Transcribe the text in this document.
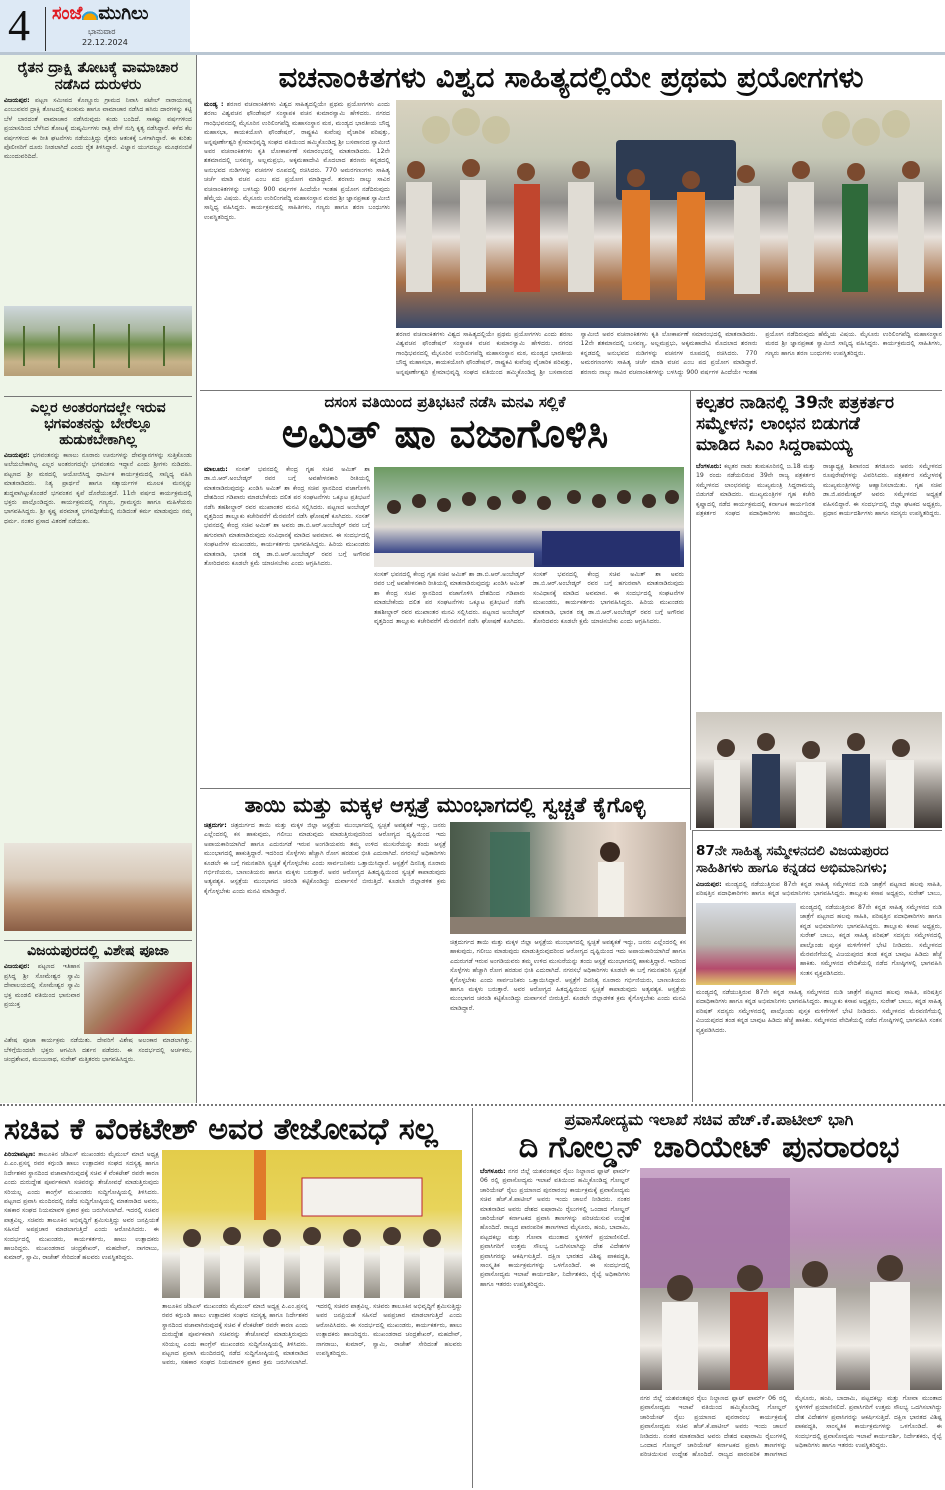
4 ಸಂಜೆ ಮುಗಿಲು
ಭಾನುವಾರ
22.12.2024
ರೈತನ ದ್ರಾಕ್ಷಿ ತೋಟಕ್ಕೆ ವಾಮಾಚಾರ ನಡೆಸಿದ ದುರುಳರು
ವಿಜಯಪುರ: ಪಟ್ಟಣ ಸಮೀಪದ ಕೊಣ್ಣೂರು ಗ್ರಾಮದ ನಿವಾಸಿ ಪಟೇಲ್ ನಾರಾಯಣಪ್ಪ ಎಂಬುವವರ ದ್ರಾಕ್ಷಿ ತೋಟದಲ್ಲಿ ಕುಂಕುಮ ಹಾಗೂ ವಾಮಾಚಾರ ನಡೆಸಿದ ಹಸಿರು ದಾರಗಳನ್ನು ಕಟ್ಟಿ ಬೆಳೆ ಬಾರದಂತೆ ವಾಮಾಚಾರ ನಡೆಸಿರುವುದು ಕಂಡು ಬಂದಿದೆ. ಸಾಕಷ್ಟು ವರ್ಷಗಳಿಂದ ಪ್ರಯಾಸದಿಂದ ಬೆಳೆಸಿದ ತೋಟಕ್ಕೆ ದುಷ್ಕರ್ಮಿಗಳು ರಾತ್ರಿ ವೇಳೆ ನುಗ್ಗಿ ಕೃತ್ಯ ನಡೆಸಿದ್ದಾರೆ. ಕಳೆದ ಕೆಲ ವರ್ಷಗಳಿಂದ ಈ ರೀತಿ ಘಟನೆಗಳು ನಡೆಯುತ್ತಿದ್ದು ರೈತರು ಆತಂಕಕ್ಕೆ ಒಳಗಾಗಿದ್ದಾರೆ. ಈ ಕುರಿತು ಪೊಲೀಸರಿಗೆ ದೂರು ನೀಡಲಾಗಿದೆ ಎಂದು ರೈತ ತಿಳಿಸಿದ್ದಾರೆ. ವಿಜ್ಞಾನ ಯುಗದಲ್ಲೂ ಮೂಢನಂಬಿಕೆ ಮುಂದುವರಿದಿದೆ.
ಎಲ್ಲರ ಅಂತರಂಗದಲ್ಲೇ ಇರುವ
ಭಗವಂತನನ್ನು ಬೇರೆಲ್ಲೂ
ಹುಡುಕಬೇಕಾಗಿಲ್ಲ
ವಿಜಯಪುರ: ಭಗವಂತನನ್ನು ಕಾಣಲು ನೂರಾರು ಊರುಗಳನ್ನು ದೇವಸ್ಥಾನಗಳನ್ನು ಸುತ್ತಿಕೊಂಡು ಅಲೆಯಬೇಕಾಗಿಲ್ಲ ಎಲ್ಲರ ಅಂತರಂಗದಲ್ಲೇ ಭಗವಂತನು ಇದ್ದಾನೆ ಎಂದು ಶ್ರೀಗಳು ನುಡಿದರು. ಪಟ್ಟಣದ ಶ್ರೀ ಮಠದಲ್ಲಿ ಆಯೋಜಿಸಿದ್ದ ಧಾರ್ಮಿಕ ಕಾರ್ಯಕ್ರಮದಲ್ಲಿ ಸಾನ್ನಿಧ್ಯ ವಹಿಸಿ ಮಾತನಾಡಿದರು. ನಿತ್ಯ ಪ್ರಾರ್ಥನೆ ಹಾಗೂ ಸತ್ಕಾರ್ಯಗಳ ಮೂಲಕ ಮನಸ್ಸನ್ನು ಶುದ್ಧವಾಗಿಟ್ಟುಕೊಂಡರೆ ಭಗವಂತನ ಕೃಪೆ ದೊರೆಯುತ್ತದೆ. 11ನೇ ವರ್ಷದ ಕಾರ್ಯಕ್ರಮದಲ್ಲಿ ಭಕ್ತರು ಪಾಲ್ಗೊಂಡಿದ್ದರು. ಕಾರ್ಯಕ್ರಮದಲ್ಲಿ ಗಣ್ಯರು, ಗ್ರಾಮಸ್ಥರು ಹಾಗೂ ಮಹಿಳೆಯರು ಭಾಗವಹಿಸಿದ್ದರು. ಶ್ರೀ ಕೃಷ್ಣ ಪರಮಾತ್ಮ ಭಗವದ್ಗೀತೆಯಲ್ಲಿ ನುಡಿದಂತೆ ಕರ್ಮ ಮಾಡುವುದು ನಮ್ಮ ಧರ್ಮ. ನಂತರ ಪ್ರಸಾದ ವಿತರಣೆ ನಡೆಯಿತು.
ವಿಜಯಪುರದಲ್ಲಿ ವಿಶೇಷ ಪೂಜಾ
ವಿಜಯಪುರ: ಪಟ್ಟಣದ ಇತಿಹಾಸ ಪ್ರಸಿದ್ಧ ಶ್ರೀ ಸೋಮೇಶ್ವರ ಸ್ವಾಮಿ ದೇವಾಲಯದಲ್ಲಿ ಸೋಮೇಶ್ವರ ಸ್ವಾಮಿ ಭಕ್ತ ಮಂಡಲಿ ವತಿಯಿಂದ ಭಾನುವಾರ ಪ್ರಯುಕ್ತ
ವಿಶೇಷ ಪೂಜಾ ಕಾರ್ಯಕ್ರಮ ನಡೆಯಿತು. ದೇವರಿಗೆ ವಿಶೇಷ ಅಲಂಕಾರ ಮಾಡಲಾಗಿತ್ತು. ಬೆಳಿಗ್ಗೆಯಿಂದಲೇ ಭಕ್ತರು ಆಗಮಿಸಿ ದರ್ಶನ ಪಡೆದರು. ಈ ಸಂದರ್ಭದಲ್ಲಿ ಅರ್ಚಕರು, ಚಂದ್ರಶೇಖರ, ಮಂಜುನಾಥ, ಸುರೇಶ್ ಮತ್ತಿತರರು ಭಾಗವಹಿಸಿದ್ದರು.
ವಚನಾಂಕಿತಗಳು ವಿಶ್ವದ ಸಾಹಿತ್ಯದಲ್ಲಿಯೇ ಪ್ರಥಮ ಪ್ರಯೋಗಗಳು
ಮಂಡ್ಯ : ಶರಣರ ವಚನಾಂಕಿತಗಳು ವಿಶ್ವದ ಸಾಹಿತ್ಯದಲ್ಲಿಯೇ ಪ್ರಥಮ ಪ್ರಯೋಗಗಳು ಎಂದು ಶರಣು ವಿಶ್ವವಚನ ಫೌಂಡೇಷನ್ ಸಂಸ್ಥಾಪಕ ವಚನ ಕುಮಾರಸ್ವಾಮಿ ಹೇಳಿದರು. ನಗರದ ಗಾಂಧಿಭವನದಲ್ಲಿ ಮೈಸೂರಿನ ಉರಿಲಿಂಗಪೆದ್ದಿ ಮಹಾಸಂಸ್ಥಾನ ಮಠ, ಮಂಡ್ಯದ ಭಾರತೀಯ ಬೌದ್ಧ ಮಹಾಸಭಾ, ಕಾಯಕಯೋಗಿ ಫೌಂಡೇಷನ್, ರಾಷ್ಟ್ರಕವಿ ಕುವೆಂಪು ವೈಚಾರಿಕ ಪರಿಷತ್ತು, ಅನ್ನಪೂರ್ಣೇಶ್ವರಿ ಕ್ಷೇಮಾಭಿವೃದ್ಧಿ ಸಂಘದ ವತಿಯಿಂದ ಹಮ್ಮಿಕೊಂಡಿದ್ದ ಶ್ರೀ ಬಸವಾನಂದ ಸ್ವಾಮೀಜಿ ಅವರ ವಚನಾಂಕಿತಗಳು ಕೃತಿ ಲೋಕಾರ್ಪಣೆ ಸಮಾರಂಭದಲ್ಲಿ ಮಾತನಾಡಿದರು. 12ನೇ ಶತಮಾನದಲ್ಲಿ ಬಸವಣ್ಣ, ಅಲ್ಲಮಪ್ರಭು, ಅಕ್ಕಮಹಾದೇವಿ ಮೊದಲಾದ ಶರಣರು ಕನ್ನಡದಲ್ಲಿ ಅನುಭವದ ನುಡಿಗಳನ್ನು ವಚನಗಳ ರೂಪದಲ್ಲಿ ರಚಿಸಿದರು. 770 ಅಮರಗಣಂಗಳು ಸಾಹಿತ್ಯ ಚರ್ಚೆ ಮಾಡಿ ವಚನ ಎಂಬ ಪದ ಪ್ರಯೋಗ ಮಾಡಿದ್ದಾರೆ. ಶರಣರು ನಾಲ್ಕು ಸಾವಿರ ವಚನಾಂಕಿತಗಳನ್ನು ಬಳಸಿದ್ದು 900 ವರ್ಷಗಳ ಹಿಂದೆಯೇ ಇಂತಹ ಪ್ರಯೋಗ ನಡೆದಿರುವುದು ಹೆಮ್ಮೆಯ ವಿಷಯ. ಮೈಸೂರು ಉರಿಲಿಂಗಪೆದ್ದಿ ಮಹಾಸಂಸ್ಥಾನ ಮಠದ ಶ್ರೀ ಜ್ಞಾನಪ್ರಕಾಶ ಸ್ವಾಮೀಜಿ ಸಾನ್ನಿಧ್ಯ ವಹಿಸಿದ್ದರು. ಕಾರ್ಯಕ್ರಮದಲ್ಲಿ ಸಾಹಿತಿಗಳು, ಗಣ್ಯರು ಹಾಗೂ ಶರಣ ಬಂಧುಗಳು ಉಪಸ್ಥಿತರಿದ್ದರು.
ಶರಣರ ವಚನಾಂಕಿತಗಳು ವಿಶ್ವದ ಸಾಹಿತ್ಯದಲ್ಲಿಯೇ ಪ್ರಥಮ ಪ್ರಯೋಗಗಳು ಎಂದು ಶರಣು ವಿಶ್ವವಚನ ಫೌಂಡೇಷನ್ ಸಂಸ್ಥಾಪಕ ವಚನ ಕುಮಾರಸ್ವಾಮಿ ಹೇಳಿದರು. ನಗರದ ಗಾಂಧಿಭವನದಲ್ಲಿ ಮೈಸೂರಿನ ಉರಿಲಿಂಗಪೆದ್ದಿ ಮಹಾಸಂಸ್ಥಾನ ಮಠ, ಮಂಡ್ಯದ ಭಾರತೀಯ ಬೌದ್ಧ ಮಹಾಸಭಾ, ಕಾಯಕಯೋಗಿ ಫೌಂಡೇಷನ್, ರಾಷ್ಟ್ರಕವಿ ಕುವೆಂಪು ವೈಚಾರಿಕ ಪರಿಷತ್ತು, ಅನ್ನಪೂರ್ಣೇಶ್ವರಿ ಕ್ಷೇಮಾಭಿವೃದ್ಧಿ ಸಂಘದ ವತಿಯಿಂದ ಹಮ್ಮಿಕೊಂಡಿದ್ದ ಶ್ರೀ ಬಸವಾನಂದ ಸ್ವಾಮೀಜಿ ಅವರ ವಚನಾಂಕಿತಗಳು ಕೃತಿ ಲೋಕಾರ್ಪಣೆ ಸಮಾರಂಭದಲ್ಲಿ ಮಾತನಾಡಿದರು. 12ನೇ ಶತಮಾನದಲ್ಲಿ ಬಸವಣ್ಣ, ಅಲ್ಲಮಪ್ರಭು, ಅಕ್ಕಮಹಾದೇವಿ ಮೊದಲಾದ ಶರಣರು ಕನ್ನಡದಲ್ಲಿ ಅನುಭವದ ನುಡಿಗಳನ್ನು ವಚನಗಳ ರೂಪದಲ್ಲಿ ರಚಿಸಿದರು. 770 ಅಮರಗಣಂಗಳು ಸಾಹಿತ್ಯ ಚರ್ಚೆ ಮಾಡಿ ವಚನ ಎಂಬ ಪದ ಪ್ರಯೋಗ ಮಾಡಿದ್ದಾರೆ. ಶರಣರು ನಾಲ್ಕು ಸಾವಿರ ವಚನಾಂಕಿತಗಳನ್ನು ಬಳಸಿದ್ದು 900 ವರ್ಷಗಳ ಹಿಂದೆಯೇ ಇಂತಹ ಪ್ರಯೋಗ ನಡೆದಿರುವುದು ಹೆಮ್ಮೆಯ ವಿಷಯ. ಮೈಸೂರು ಉರಿಲಿಂಗಪೆದ್ದಿ ಮಹಾಸಂಸ್ಥಾನ ಮಠದ ಶ್ರೀ ಜ್ಞಾನಪ್ರಕಾಶ ಸ್ವಾಮೀಜಿ ಸಾನ್ನಿಧ್ಯ ವಹಿಸಿದ್ದರು. ಕಾರ್ಯಕ್ರಮದಲ್ಲಿ ಸಾಹಿತಿಗಳು, ಗಣ್ಯರು ಹಾಗೂ ಶರಣ ಬಂಧುಗಳು ಉಪಸ್ಥಿತರಿದ್ದರು.
ದಸಂಸ ವತಿಯಿಂದ ಪ್ರತಿಭಟನೆ ನಡೆಸಿ ಮನವಿ ಸಲ್ಲಿಕೆ
ಅಮಿತ್ ಷಾ ವಜಾಗೊಳಿಸಿ
ಮಾಲೂರು: ಸಂಸತ್ ಭವನದಲ್ಲಿ ಕೇಂದ್ರ ಗೃಹ ಸಚಿವ ಅಮಿತ್ ಶಾ ಡಾ.ಬಿ.ಆರ್.ಅಂಬೇಡ್ಕರ್ ರವರ ಬಗ್ಗೆ ಅವಹೇಳನಕಾರಿ ರೀತಿಯಲ್ಲಿ ಮಾತನಾಡಿರುವುದನ್ನು ಖಂಡಿಸಿ ಅಮಿತ್ ಶಾ ಕೇಂದ್ರ ಸಚಿವ ಸ್ಥಾನದಿಂದ ವಜಾಗೊಳಿಸಿ ದೇಶದಿಂದ ಗಡಿಪಾರು ಮಾಡಬೇಕೆಂದು ದಲಿತ ಪರ ಸಂಘಟನೆಗಳು ಒಕ್ಕೂಟ ಪ್ರತಿಭಟನೆ ನಡೆಸಿ ತಹಶೀಲ್ದಾರ್ ರವರ ಮುಖಾಂತರ ಮನವಿ ಸಲ್ಲಿಸಿದರು. ಪಟ್ಟಣದ ಅಂಬೇಡ್ಕರ್ ವೃತ್ತದಿಂದ ತಾಲ್ಲೂಕು ಕಚೇರಿವರೆಗೆ ಮೆರವಣಿಗೆ ನಡೆಸಿ ಘೋಷಣೆ ಕೂಗಿದರು. ಸಂಸತ್ ಭವನದಲ್ಲಿ ಕೇಂದ್ರ ಸಚಿವ ಅಮಿತ್ ಶಾ ಅವರು ಡಾ.ಬಿ.ಆರ್.ಅಂಬೇಡ್ಕರ್ ರವರ ಬಗ್ಗೆ ಹಗುರವಾಗಿ ಮಾತನಾಡಿರುವುದು ಸಂವಿಧಾನಕ್ಕೆ ಮಾಡಿದ ಅವಮಾನ. ಈ ಸಂದರ್ಭದಲ್ಲಿ ಸಂಘಟನೆಗಳ ಮುಖಂಡರು, ಕಾರ್ಯಕರ್ತರು ಭಾಗವಹಿಸಿದ್ದರು. ಹಿರಿಯ ಮುಖಂಡರು ಮಾತನಾಡಿ, ಭಾರತ ರತ್ನ ಡಾ.ಬಿ.ಆರ್.ಅಂಬೇಡ್ಕರ್ ರವರ ಬಗ್ಗೆ ಅಗೌರವ ತೋರಿದವರು ಕೂಡಲೇ ಕ್ಷಮೆ ಯಾಚಿಸಬೇಕು ಎಂದು ಆಗ್ರಹಿಸಿದರು.
ಸಂಸತ್ ಭವನದಲ್ಲಿ ಕೇಂದ್ರ ಗೃಹ ಸಚಿವ ಅಮಿತ್ ಶಾ ಡಾ.ಬಿ.ಆರ್.ಅಂಬೇಡ್ಕರ್ ರವರ ಬಗ್ಗೆ ಅವಹೇಳನಕಾರಿ ರೀತಿಯಲ್ಲಿ ಮಾತನಾಡಿರುವುದನ್ನು ಖಂಡಿಸಿ ಅಮಿತ್ ಶಾ ಕೇಂದ್ರ ಸಚಿವ ಸ್ಥಾನದಿಂದ ವಜಾಗೊಳಿಸಿ ದೇಶದಿಂದ ಗಡಿಪಾರು ಮಾಡಬೇಕೆಂದು ದಲಿತ ಪರ ಸಂಘಟನೆಗಳು ಒಕ್ಕೂಟ ಪ್ರತಿಭಟನೆ ನಡೆಸಿ ತಹಶೀಲ್ದಾರ್ ರವರ ಮುಖಾಂತರ ಮನವಿ ಸಲ್ಲಿಸಿದರು. ಪಟ್ಟಣದ ಅಂಬೇಡ್ಕರ್ ವೃತ್ತದಿಂದ ತಾಲ್ಲೂಕು ಕಚೇರಿವರೆಗೆ ಮೆರವಣಿಗೆ ನಡೆಸಿ ಘೋಷಣೆ ಕೂಗಿದರು. ಸಂಸತ್ ಭವನದಲ್ಲಿ ಕೇಂದ್ರ ಸಚಿವ ಅಮಿತ್ ಶಾ ಅವರು ಡಾ.ಬಿ.ಆರ್.ಅಂಬೇಡ್ಕರ್ ರವರ ಬಗ್ಗೆ ಹಗುರವಾಗಿ ಮಾತನಾಡಿರುವುದು ಸಂವಿಧಾನಕ್ಕೆ ಮಾಡಿದ ಅವಮಾನ. ಈ ಸಂದರ್ಭದಲ್ಲಿ ಸಂಘಟನೆಗಳ ಮುಖಂಡರು, ಕಾರ್ಯಕರ್ತರು ಭಾಗವಹಿಸಿದ್ದರು. ಹಿರಿಯ ಮುಖಂಡರು ಮಾತನಾಡಿ, ಭಾರತ ರತ್ನ ಡಾ.ಬಿ.ಆರ್.ಅಂಬೇಡ್ಕರ್ ರವರ ಬಗ್ಗೆ ಅಗೌರವ ತೋರಿದವರು ಕೂಡಲೇ ಕ್ಷಮೆ ಯಾಚಿಸಬೇಕು ಎಂದು ಆಗ್ರಹಿಸಿದರು.
ಕಲ್ಪತರ ನಾಡಿನಲ್ಲಿ 39ನೇ ಪತ್ರಕರ್ತರ
ಸಮ್ಮೇಳನ; ಲಾಂಛನ ಬಿಡುಗಡೆ
ಮಾಡಿದ ಸಿಎಂ ಸಿದ್ದರಾಮಯ್ಯ
ಬೆಂಗಳೂರು: ಕಲ್ಪತರ ನಾಡು ತುಮಕೂರಿನಲ್ಲಿ ಜ.18 ಮತ್ತು 19 ರಂದು ನಡೆಯಲಿರುವ 39ನೇ ರಾಜ್ಯ ಪತ್ರಕರ್ತರ ಸಮ್ಮೇಳನದ ಲಾಂಛನವನ್ನು ಮುಖ್ಯಮಂತ್ರಿ ಸಿದ್ದರಾಮಯ್ಯ ಬಿಡುಗಡೆ ಮಾಡಿದರು. ಮುಖ್ಯಮಂತ್ರಿಗಳ ಗೃಹ ಕಚೇರಿ ಕೃಷ್ಣಾದಲ್ಲಿ ನಡೆದ ಕಾರ್ಯಕ್ರಮದಲ್ಲಿ ಕರ್ನಾಟಕ ಕಾರ್ಯನಿರತ ಪತ್ರಕರ್ತರ ಸಂಘದ ಪದಾಧಿಕಾರಿಗಳು ಹಾಜರಿದ್ದರು. ರಾಜ್ಯಾಧ್ಯಕ್ಷ ಶಿವಾನಂದ ತಗಡೂರು ಅವರು ಸಮ್ಮೇಳನದ ರೂಪುರೇಷೆಗಳನ್ನು ವಿವರಿಸಿದರು. ಪತ್ರಕರ್ತರ ಸಮ್ಮೇಳನಕ್ಕೆ ಮುಖ್ಯಮಂತ್ರಿಗಳನ್ನು ಆಹ್ವಾನಿಸಲಾಯಿತು. ಗೃಹ ಸಚಿವ ಡಾ.ಜಿ.ಪರಮೇಶ್ವರ್ ಅವರು ಸಮ್ಮೇಳನದ ಅಧ್ಯಕ್ಷತೆ ವಹಿಸಲಿದ್ದಾರೆ. ಈ ಸಂದರ್ಭದಲ್ಲಿ ಜಿಲ್ಲಾ ಘಟಕದ ಅಧ್ಯಕ್ಷರು, ಪ್ರಧಾನ ಕಾರ್ಯದರ್ಶಿಗಳು ಹಾಗೂ ಸದಸ್ಯರು ಉಪಸ್ಥಿತರಿದ್ದರು.
ತಾಯಿ ಮತ್ತು ಮಕ್ಕಳ ಆಸ್ಪತ್ರೆ ಮುಂಭಾಗದಲ್ಲಿ ಸ್ವಚ್ಚತೆ ಕೈಗೊಳ್ಳಿ
ಚಿತ್ರದುರ್ಗ: ಚಿತ್ರದುರ್ಗದ ತಾಯಿ ಮತ್ತು ಮಕ್ಕಳ ಜಿಲ್ಲಾ ಆಸ್ಪತ್ರೆಯ ಮುಂಭಾಗದಲ್ಲಿ ಸ್ವಚ್ಛತೆ ಅವಶ್ಯಕತೆ ಇದ್ದು, ಜನರು ಎಲ್ಲೆಂದರಲ್ಲಿ ಕಸ ಹಾಕುವುದು, ಗಲೀಜು ಮಾಡುವುದು ಮಾಡುತ್ತಿರುವುದರಿಂದ ಆರೋಗ್ಯದ ದೃಷ್ಟಿಯಿಂದ ಇದು ಅಪಾಯಕಾರಿಯಾಗಿದೆ ಹಾಗೂ ಎದುರುಗಡೆ ಇರುವ ಅಂಗಡಿಯವರು ತಮ್ಮ ಉಳಿದ ಮುಸುರೆಯನ್ನು ತಂದು ಆಸ್ಪತ್ರೆ ಮುಂಭಾಗದಲ್ಲಿ ಹಾಕುತ್ತಿದ್ದಾರೆ. ಇದರಿಂದ ಸೊಳ್ಳೆಗಳು ಹೆಚ್ಚಾಗಿ ರೋಗ ಹರಡುವ ಭೀತಿ ಎದುರಾಗಿದೆ. ನಗರಸಭೆ ಅಧಿಕಾರಿಗಳು ಕೂಡಲೇ ಈ ಬಗ್ಗೆ ಗಮನಹರಿಸಿ ಸ್ವಚ್ಛತೆ ಕೈಗೊಳ್ಳಬೇಕು ಎಂದು ಸಾರ್ವಜನಿಕರು ಒತ್ತಾಯಿಸಿದ್ದಾರೆ. ಆಸ್ಪತ್ರೆಗೆ ದಿನನಿತ್ಯ ನೂರಾರು ಗರ್ಭಿಣಿಯರು, ಬಾಣಂತಿಯರು ಹಾಗೂ ಮಕ್ಕಳು ಬರುತ್ತಾರೆ. ಅವರ ಆರೋಗ್ಯದ ಹಿತದೃಷ್ಟಿಯಿಂದ ಸ್ವಚ್ಛತೆ ಕಾಪಾಡುವುದು ಅತ್ಯವಶ್ಯಕ. ಆಸ್ಪತ್ರೆಯ ಮುಂಭಾಗದ ಚರಂಡಿ ಕಟ್ಟಿಕೊಂಡಿದ್ದು ದುರ್ವಾಸನೆ ಬೀರುತ್ತಿದೆ. ಕೂಡಲೇ ಜಿಲ್ಲಾಡಳಿತ ಕ್ರಮ ಕೈಗೊಳ್ಳಬೇಕು ಎಂದು ಮನವಿ ಮಾಡಿದ್ದಾರೆ.
ಚಿತ್ರದುರ್ಗದ ತಾಯಿ ಮತ್ತು ಮಕ್ಕಳ ಜಿಲ್ಲಾ ಆಸ್ಪತ್ರೆಯ ಮುಂಭಾಗದಲ್ಲಿ ಸ್ವಚ್ಛತೆ ಅವಶ್ಯಕತೆ ಇದ್ದು, ಜನರು ಎಲ್ಲೆಂದರಲ್ಲಿ ಕಸ ಹಾಕುವುದು, ಗಲೀಜು ಮಾಡುವುದು ಮಾಡುತ್ತಿರುವುದರಿಂದ ಆರೋಗ್ಯದ ದೃಷ್ಟಿಯಿಂದ ಇದು ಅಪಾಯಕಾರಿಯಾಗಿದೆ ಹಾಗೂ ಎದುರುಗಡೆ ಇರುವ ಅಂಗಡಿಯವರು ತಮ್ಮ ಉಳಿದ ಮುಸುರೆಯನ್ನು ತಂದು ಆಸ್ಪತ್ರೆ ಮುಂಭಾಗದಲ್ಲಿ ಹಾಕುತ್ತಿದ್ದಾರೆ. ಇದರಿಂದ ಸೊಳ್ಳೆಗಳು ಹೆಚ್ಚಾಗಿ ರೋಗ ಹರಡುವ ಭೀತಿ ಎದುರಾಗಿದೆ. ನಗರಸಭೆ ಅಧಿಕಾರಿಗಳು ಕೂಡಲೇ ಈ ಬಗ್ಗೆ ಗಮನಹರಿಸಿ ಸ್ವಚ್ಛತೆ ಕೈಗೊಳ್ಳಬೇಕು ಎಂದು ಸಾರ್ವಜನಿಕರು ಒತ್ತಾಯಿಸಿದ್ದಾರೆ. ಆಸ್ಪತ್ರೆಗೆ ದಿನನಿತ್ಯ ನೂರಾರು ಗರ್ಭಿಣಿಯರು, ಬಾಣಂತಿಯರು ಹಾಗೂ ಮಕ್ಕಳು ಬರುತ್ತಾರೆ. ಅವರ ಆರೋಗ್ಯದ ಹಿತದೃಷ್ಟಿಯಿಂದ ಸ್ವಚ್ಛತೆ ಕಾಪಾಡುವುದು ಅತ್ಯವಶ್ಯಕ. ಆಸ್ಪತ್ರೆಯ ಮುಂಭಾಗದ ಚರಂಡಿ ಕಟ್ಟಿಕೊಂಡಿದ್ದು ದುರ್ವಾಸನೆ ಬೀರುತ್ತಿದೆ. ಕೂಡಲೇ ಜಿಲ್ಲಾಡಳಿತ ಕ್ರಮ ಕೈಗೊಳ್ಳಬೇಕು ಎಂದು ಮನವಿ ಮಾಡಿದ್ದಾರೆ.
87ನೇ ಸಾಹಿತ್ಯ ಸಮ್ಮೇಳನದಲಿ ವಿಜಯಪುರದ
ಸಾಹಿತಿಗಳು ಹಾಗೂ ಕನ್ನಡದ ಅಭಿಮಾನಿಗಳು;
ವಿಜಯಪುರ: ಮಂಡ್ಯದಲ್ಲಿ ನಡೆಯುತ್ತಿರುವ 87ನೇ ಕನ್ನಡ ಸಾಹಿತ್ಯ ಸಮ್ಮೇಳನದ ನುಡಿ ಜಾತ್ರೆಗೆ ಪಟ್ಟಣದ ಹಲವು ಸಾಹಿತಿ, ಪರಿಷತ್ತಿನ ಪದಾಧಿಕಾರಿಗಳು ಹಾಗೂ ಕನ್ನಡ ಅಭಿಮಾನಿಗಳು ಭಾಗವಹಿಸಿದ್ದರು. ತಾಲ್ಲೂಕು ಕಸಾಪ ಅಧ್ಯಕ್ಷರು, ಸುರೇಶ್ ಬಾಬು,
ಮಂಡ್ಯದಲ್ಲಿ ನಡೆಯುತ್ತಿರುವ 87ನೇ ಕನ್ನಡ ಸಾಹಿತ್ಯ ಸಮ್ಮೇಳನದ ನುಡಿ ಜಾತ್ರೆಗೆ ಪಟ್ಟಣದ ಹಲವು ಸಾಹಿತಿ, ಪರಿಷತ್ತಿನ ಪದಾಧಿಕಾರಿಗಳು ಹಾಗೂ ಕನ್ನಡ ಅಭಿಮಾನಿಗಳು ಭಾಗವಹಿಸಿದ್ದರು. ತಾಲ್ಲೂಕು ಕಸಾಪ ಅಧ್ಯಕ್ಷರು, ಸುರೇಶ್ ಬಾಬು, ಕನ್ನಡ ಸಾಹಿತ್ಯ ಪರಿಷತ್ ಸದಸ್ಯರು ಸಮ್ಮೇಳನದಲ್ಲಿ ಪಾಲ್ಗೊಂಡು ಪುಸ್ತಕ ಮಳಿಗೆಗಳಿಗೆ ಭೇಟಿ ನೀಡಿದರು. ಸಮ್ಮೇಳನದ ಮೆರವಣಿಗೆಯಲ್ಲಿ ವಿಜಯಪುರದ ತಂಡ ಕನ್ನಡ ಬಾವುಟ ಹಿಡಿದು ಹೆಜ್ಜೆ ಹಾಕಿತು. ಸಮ್ಮೇಳನದ ವೇದಿಕೆಯಲ್ಲಿ ನಡೆದ ಗೋಷ್ಠಿಗಳಲ್ಲಿ ಭಾಗವಹಿಸಿ ಸಂತಸ ವ್ಯಕ್ತಪಡಿಸಿದರು.
ಮಂಡ್ಯದಲ್ಲಿ ನಡೆಯುತ್ತಿರುವ 87ನೇ ಕನ್ನಡ ಸಾಹಿತ್ಯ ಸಮ್ಮೇಳನದ ನುಡಿ ಜಾತ್ರೆಗೆ ಪಟ್ಟಣದ ಹಲವು ಸಾಹಿತಿ, ಪರಿಷತ್ತಿನ ಪದಾಧಿಕಾರಿಗಳು ಹಾಗೂ ಕನ್ನಡ ಅಭಿಮಾನಿಗಳು ಭಾಗವಹಿಸಿದ್ದರು. ತಾಲ್ಲೂಕು ಕಸಾಪ ಅಧ್ಯಕ್ಷರು, ಸುರೇಶ್ ಬಾಬು, ಕನ್ನಡ ಸಾಹಿತ್ಯ ಪರಿಷತ್ ಸದಸ್ಯರು ಸಮ್ಮೇಳನದಲ್ಲಿ ಪಾಲ್ಗೊಂಡು ಪುಸ್ತಕ ಮಳಿಗೆಗಳಿಗೆ ಭೇಟಿ ನೀಡಿದರು. ಸಮ್ಮೇಳನದ ಮೆರವಣಿಗೆಯಲ್ಲಿ ವಿಜಯಪುರದ ತಂಡ ಕನ್ನಡ ಬಾವುಟ ಹಿಡಿದು ಹೆಜ್ಜೆ ಹಾಕಿತು. ಸಮ್ಮೇಳನದ ವೇದಿಕೆಯಲ್ಲಿ ನಡೆದ ಗೋಷ್ಠಿಗಳಲ್ಲಿ ಭಾಗವಹಿಸಿ ಸಂತಸ ವ್ಯಕ್ತಪಡಿಸಿದರು.
ಸಚಿವ ಕೆ ವೆಂಕಟೇಶ್ ಅವರ ತೇಜೋವಧೆ ಸಲ್ಲ
ಪಿರಿಯಾಪಟ್ಟಣ: ತಾಲೂಕಿನ ಜೆಡಿಎಸ್ ಮುಖಂಡರು ಮೈಮುಲ್ ಮಾಜಿ ಅಧ್ಯಕ್ಷ ಪಿ.ಎಂ.ಪ್ರಸನ್ನ ರವರ ಕಗ್ಗುಂಡಿ ಹಾಲು ಉತ್ಪಾದಕರ ಸಂಘದ ಸದಸ್ಯತ್ವ ಹಾಗೂ ನಿರ್ದೇಶಕರ ಸ್ಥಾನದಿಂದ ವಜಾವಾಗಿರುವುದಕ್ಕೆ ಸಚಿವ ಕೆ ವೆಂಕಟೇಶ್ ರವರೇ ಕಾರಣ ಎಂದು ದುರುದ್ದೇಶ ಪೂರ್ವಕವಾಗಿ ಸಚಿವರನ್ನು ತೇಜೋವಧೆ ಮಾಡುತ್ತಿರುವುದು ಸರಿಯಲ್ಲ ಎಂದು ಕಾಂಗ್ರೆಸ್ ಮುಖಂಡರು ಸುದ್ದಿಗೋಷ್ಠಿಯಲ್ಲಿ ತಿಳಿಸಿದರು. ಪಟ್ಟಣದ ಪ್ರವಾಸಿ ಮಂದಿರದಲ್ಲಿ ನಡೆದ ಸುದ್ದಿಗೋಷ್ಠಿಯಲ್ಲಿ ಮಾತನಾಡಿದ ಅವರು, ಸಹಕಾರ ಸಂಘದ ನಿಯಮಾವಳಿ ಪ್ರಕಾರ ಕ್ರಮ ಜರುಗಿಸಲಾಗಿದೆ. ಇದರಲ್ಲಿ ಸಚಿವರ ಪಾತ್ರವಿಲ್ಲ. ಸಚಿವರು ತಾಲೂಕಿನ ಅಭಿವೃದ್ಧಿಗೆ ಶ್ರಮಿಸುತ್ತಿದ್ದು ಅವರ ಜನಪ್ರಿಯತೆ ಸಹಿಸದೆ ಅಪಪ್ರಚಾರ ಮಾಡಲಾಗುತ್ತಿದೆ ಎಂದು ಆರೋಪಿಸಿದರು. ಈ ಸಂದರ್ಭದಲ್ಲಿ ಮುಖಂಡರು, ಕಾರ್ಯಕರ್ತರು, ಹಾಲು ಉತ್ಪಾದಕರು ಹಾಜರಿದ್ದರು. ಮುಖಂಡರಾದ ಚಂದ್ರಶೇಖರ್, ಮಹದೇವ್, ನಾಗರಾಜು, ಕುಮಾರ್, ಸ್ವಾಮಿ, ರಾಜೇಶ್ ಸೇರಿದಂತೆ ಹಲವರು ಉಪಸ್ಥಿತರಿದ್ದರು.
ತಾಲೂಕಿನ ಜೆಡಿಎಸ್ ಮುಖಂಡರು ಮೈಮುಲ್ ಮಾಜಿ ಅಧ್ಯಕ್ಷ ಪಿ.ಎಂ.ಪ್ರಸನ್ನ ರವರ ಕಗ್ಗುಂಡಿ ಹಾಲು ಉತ್ಪಾದಕರ ಸಂಘದ ಸದಸ್ಯತ್ವ ಹಾಗೂ ನಿರ್ದೇಶಕರ ಸ್ಥಾನದಿಂದ ವಜಾವಾಗಿರುವುದಕ್ಕೆ ಸಚಿವ ಕೆ ವೆಂಕಟೇಶ್ ರವರೇ ಕಾರಣ ಎಂದು ದುರುದ್ದೇಶ ಪೂರ್ವಕವಾಗಿ ಸಚಿವರನ್ನು ತೇಜೋವಧೆ ಮಾಡುತ್ತಿರುವುದು ಸರಿಯಲ್ಲ ಎಂದು ಕಾಂಗ್ರೆಸ್ ಮುಖಂಡರು ಸುದ್ದಿಗೋಷ್ಠಿಯಲ್ಲಿ ತಿಳಿಸಿದರು. ಪಟ್ಟಣದ ಪ್ರವಾಸಿ ಮಂದಿರದಲ್ಲಿ ನಡೆದ ಸುದ್ದಿಗೋಷ್ಠಿಯಲ್ಲಿ ಮಾತನಾಡಿದ ಅವರು, ಸಹಕಾರ ಸಂಘದ ನಿಯಮಾವಳಿ ಪ್ರಕಾರ ಕ್ರಮ ಜರುಗಿಸಲಾಗಿದೆ. ಇದರಲ್ಲಿ ಸಚಿವರ ಪಾತ್ರವಿಲ್ಲ. ಸಚಿವರು ತಾಲೂಕಿನ ಅಭಿವೃದ್ಧಿಗೆ ಶ್ರಮಿಸುತ್ತಿದ್ದು ಅವರ ಜನಪ್ರಿಯತೆ ಸಹಿಸದೆ ಅಪಪ್ರಚಾರ ಮಾಡಲಾಗುತ್ತಿದೆ ಎಂದು ಆರೋಪಿಸಿದರು. ಈ ಸಂದರ್ಭದಲ್ಲಿ ಮುಖಂಡರು, ಕಾರ್ಯಕರ್ತರು, ಹಾಲು ಉತ್ಪಾದಕರು ಹಾಜರಿದ್ದರು. ಮುಖಂಡರಾದ ಚಂದ್ರಶೇಖರ್, ಮಹದೇವ್, ನಾಗರಾಜು, ಕುಮಾರ್, ಸ್ವಾಮಿ, ರಾಜೇಶ್ ಸೇರಿದಂತೆ ಹಲವರು ಉಪಸ್ಥಿತರಿದ್ದರು.
ಪ್ರವಾಸೋದ್ಯಮ ಇಲಾಖೆ ಸಚಿವ ಹೆಚ್.ಕೆ.ಪಾಟೀಲ್ ಭಾಗಿ
ದಿ ಗೋಲ್ಡನ್ ಚಾರಿಯೇಟ್ ಪುನರಾರಂಭ
ಬೆಂಗಳೂರು: ನಗರ ಜಿಲ್ಲೆ ಯಶವಂತಪುರ ರೈಲು ನಿಲ್ದಾಣದ ಫ್ಲಾಟ್ ಫಾರ್ಮ್ 06 ರಲ್ಲಿ ಪ್ರವಾಸೋದ್ಯಮ ಇಲಾಖೆ ವತಿಯಿಂದ ಹಮ್ಮಿಕೊಂಡಿದ್ದ ಗೋಲ್ಡನ್ ಚಾರಿಯೇಟ್ ರೈಲು ಪ್ರಯಾಣದ ಪುನರಾರಂಭ ಕಾರ್ಯಕ್ರಮಕ್ಕೆ ಪ್ರವಾಸೋದ್ಯಮ ಸಚಿವ ಹೆಚ್.ಕೆ.ಪಾಟೀಲ್ ಅವರು ಇಂದು ಚಾಲನೆ ನೀಡಿದರು. ನಂತರ ಮಾತನಾಡಿದ ಅವರು ದೇಶದ ಐಷಾರಾಮಿ ರೈಲುಗಳಲ್ಲಿ ಒಂದಾದ ಗೋಲ್ಡನ್ ಚಾರಿಯೇಟ್ ಕರ್ನಾಟಕದ ಪ್ರವಾಸಿ ತಾಣಗಳನ್ನು ಪರಿಚಯಿಸುವ ಉದ್ದೇಶ ಹೊಂದಿದೆ. ರಾಜ್ಯದ ಪಾರಂಪರಿಕ ತಾಣಗಳಾದ ಮೈಸೂರು, ಹಂಪಿ, ಬಾದಾಮಿ, ಪಟ್ಟದಕಲ್ಲು ಮತ್ತು ಗೋವಾ ಮುಂತಾದ ಸ್ಥಳಗಳಿಗೆ ಪ್ರಯಾಣಿಸಲಿದೆ. ಪ್ರವಾಸಿಗರಿಗೆ ಉತ್ತಮ ಸೌಲಭ್ಯ ಒದಗಿಸಲಾಗಿದ್ದು ದೇಶ ವಿದೇಶಗಳ ಪ್ರವಾಸಿಗರನ್ನು ಆಕರ್ಷಿಸುತ್ತಿದೆ. ದಕ್ಷಿಣ ಭಾರತದ ವಿಶಿಷ್ಟ ಪಾಕಪದ್ಧತಿ, ಸಾಂಸ್ಕೃತಿಕ ಕಾರ್ಯಕ್ರಮಗಳನ್ನು ಒಳಗೊಂಡಿದೆ. ಈ ಸಂದರ್ಭದಲ್ಲಿ ಪ್ರವಾಸೋದ್ಯಮ ಇಲಾಖೆ ಕಾರ್ಯದರ್ಶಿ, ನಿರ್ದೇಶಕರು, ರೈಲ್ವೆ ಅಧಿಕಾರಿಗಳು ಹಾಗೂ ಇತರರು ಉಪಸ್ಥಿತರಿದ್ದರು.
ನಗರ ಜಿಲ್ಲೆ ಯಶವಂತಪುರ ರೈಲು ನಿಲ್ದಾಣದ ಫ್ಲಾಟ್ ಫಾರ್ಮ್ 06 ರಲ್ಲಿ ಪ್ರವಾಸೋದ್ಯಮ ಇಲಾಖೆ ವತಿಯಿಂದ ಹಮ್ಮಿಕೊಂಡಿದ್ದ ಗೋಲ್ಡನ್ ಚಾರಿಯೇಟ್ ರೈಲು ಪ್ರಯಾಣದ ಪುನರಾರಂಭ ಕಾರ್ಯಕ್ರಮಕ್ಕೆ ಪ್ರವಾಸೋದ್ಯಮ ಸಚಿವ ಹೆಚ್.ಕೆ.ಪಾಟೀಲ್ ಅವರು ಇಂದು ಚಾಲನೆ ನೀಡಿದರು. ನಂತರ ಮಾತನಾಡಿದ ಅವರು ದೇಶದ ಐಷಾರಾಮಿ ರೈಲುಗಳಲ್ಲಿ ಒಂದಾದ ಗೋಲ್ಡನ್ ಚಾರಿಯೇಟ್ ಕರ್ನಾಟಕದ ಪ್ರವಾಸಿ ತಾಣಗಳನ್ನು ಪರಿಚಯಿಸುವ ಉದ್ದೇಶ ಹೊಂದಿದೆ. ರಾಜ್ಯದ ಪಾರಂಪರಿಕ ತಾಣಗಳಾದ ಮೈಸೂರು, ಹಂಪಿ, ಬಾದಾಮಿ, ಪಟ್ಟದಕಲ್ಲು ಮತ್ತು ಗೋವಾ ಮುಂತಾದ ಸ್ಥಳಗಳಿಗೆ ಪ್ರಯಾಣಿಸಲಿದೆ. ಪ್ರವಾಸಿಗರಿಗೆ ಉತ್ತಮ ಸೌಲಭ್ಯ ಒದಗಿಸಲಾಗಿದ್ದು ದೇಶ ವಿದೇಶಗಳ ಪ್ರವಾಸಿಗರನ್ನು ಆಕರ್ಷಿಸುತ್ತಿದೆ. ದಕ್ಷಿಣ ಭಾರತದ ವಿಶಿಷ್ಟ ಪಾಕಪದ್ಧತಿ, ಸಾಂಸ್ಕೃತಿಕ ಕಾರ್ಯಕ್ರಮಗಳನ್ನು ಒಳಗೊಂಡಿದೆ. ಈ ಸಂದರ್ಭದಲ್ಲಿ ಪ್ರವಾಸೋದ್ಯಮ ಇಲಾಖೆ ಕಾರ್ಯದರ್ಶಿ, ನಿರ್ದೇಶಕರು, ರೈಲ್ವೆ ಅಧಿಕಾರಿಗಳು ಹಾಗೂ ಇತರರು ಉಪಸ್ಥಿತರಿದ್ದರು.
